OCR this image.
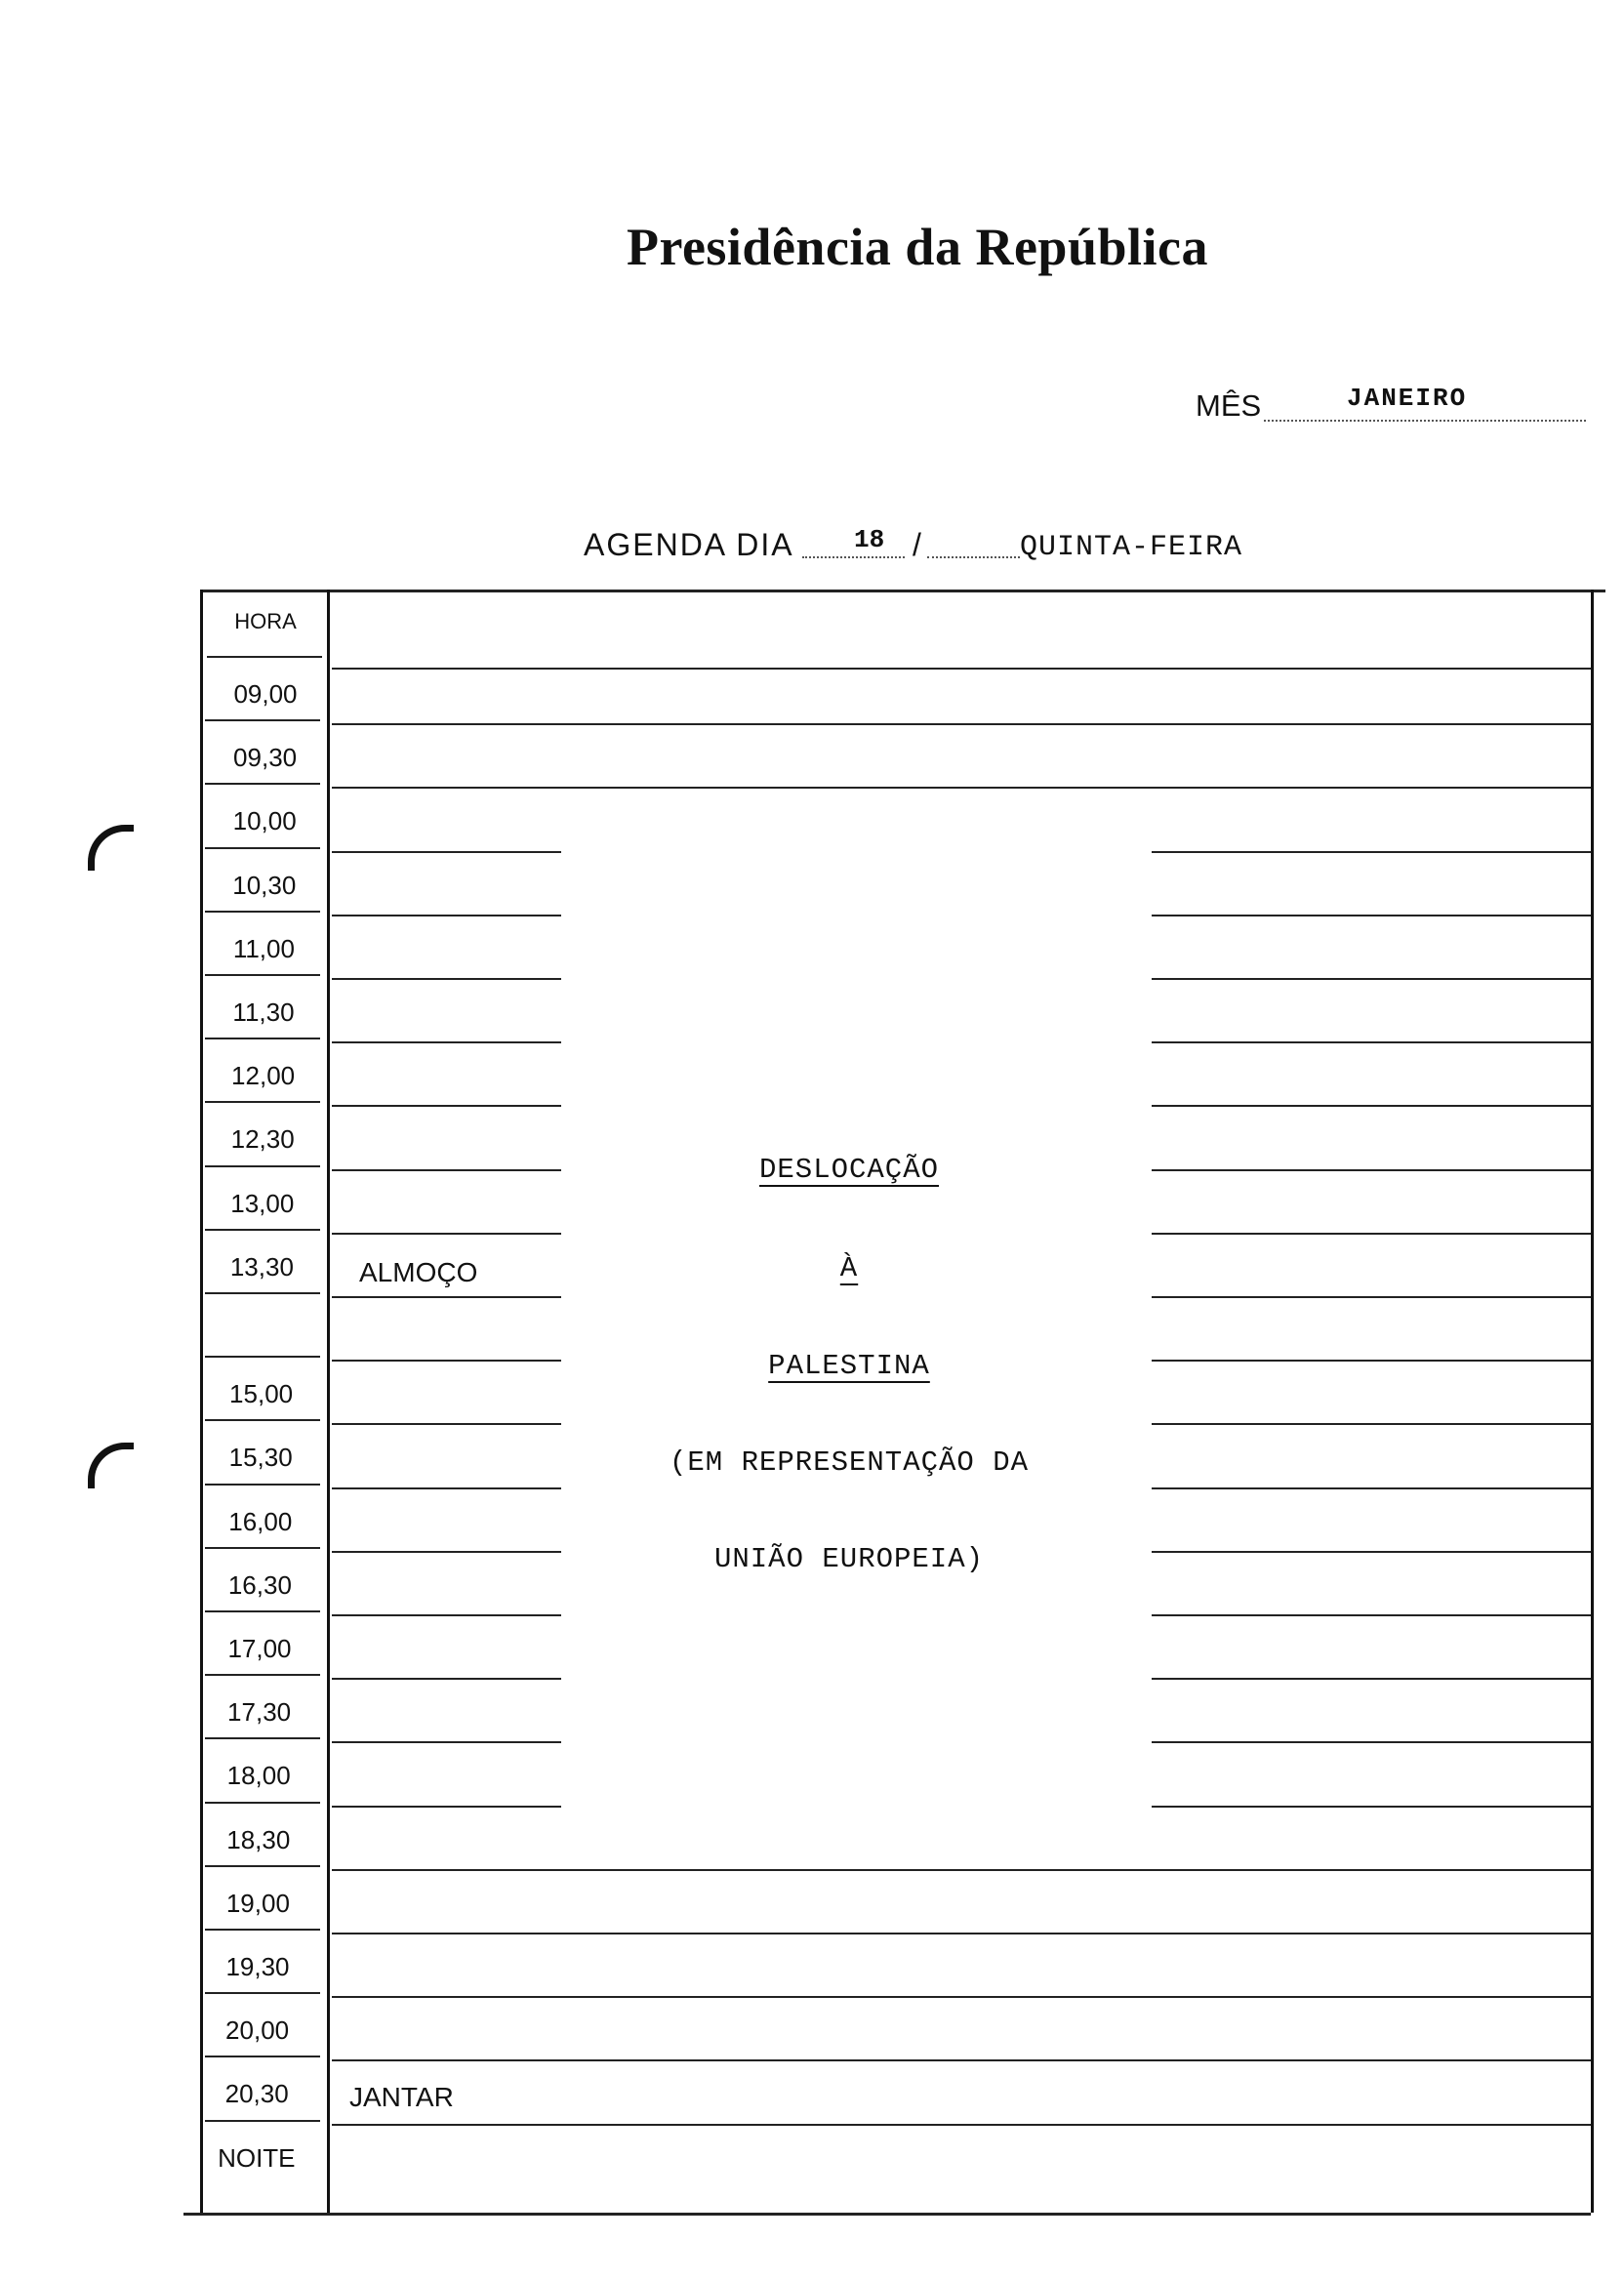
Presidência da República
MÊS	JANEIRO
AGENDA DIA 18 /	QUINTA-FEIRA
HORA
09,00
09,30
10,00
10,30
11,00
11,30
12,00
12,30
13,00
13,30
15,00
15,30
16,00
16,30
17,00
17,30
18,00
18,30
19,00
19,30
20,00
20,30
NOITE
ALMOÇO
JANTAR
DESLOCAÇÃO
À
PALESTINA
(EM REPRESENTAÇÃO DA
UNIÃO EUROPEIA)
